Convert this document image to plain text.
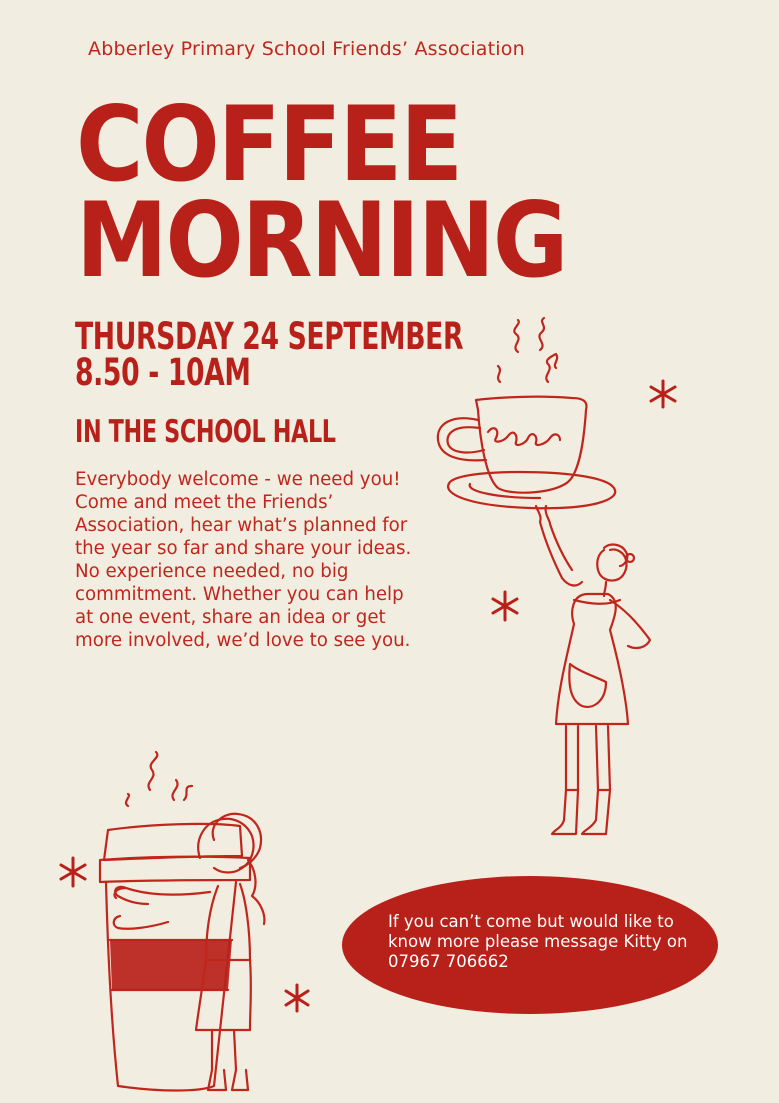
Abberley Primary School Friends’ Association
COFFEE
MORNING
THURSDAY 24 SEPTEMBER
8.50 - 10AM
IN THE SCHOOL HALL

Everybody welcome - we need you!

Come and meet the Friends’ Association, hear what’s planned for the year so far and share your ideas.

No experience needed, no big commitment. Whether you can help at one event, share an idea or get more involved, we’d love to see you.

If you can’t come but would like to know more please message Kitty on 07967 706662
